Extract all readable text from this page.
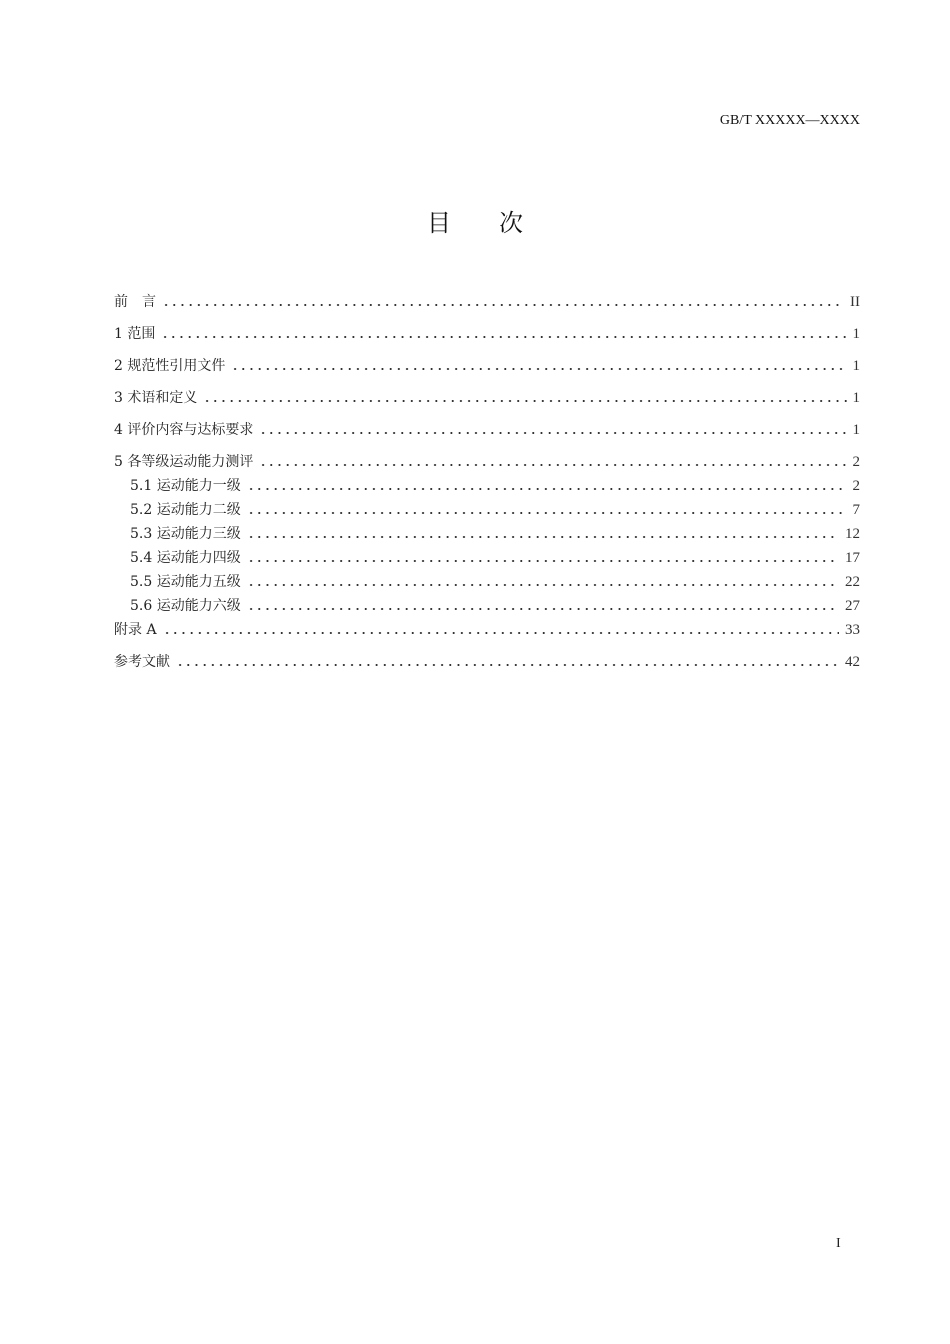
GB/T XXXXX—XXXX
目 次
前　言	II
1 范围	1
2 规范性引用文件	1
3 术语和定义	1
4 评价内容与达标要求	1
5 各等级运动能力测评	2
5.1 运动能力一级	2
5.2 运动能力二级	7
5.3 运动能力三级	12
5.4 运动能力四级	17
5.5 运动能力五级	22
5.6 运动能力六级	27
附录 A	33
参考文献	42
I
